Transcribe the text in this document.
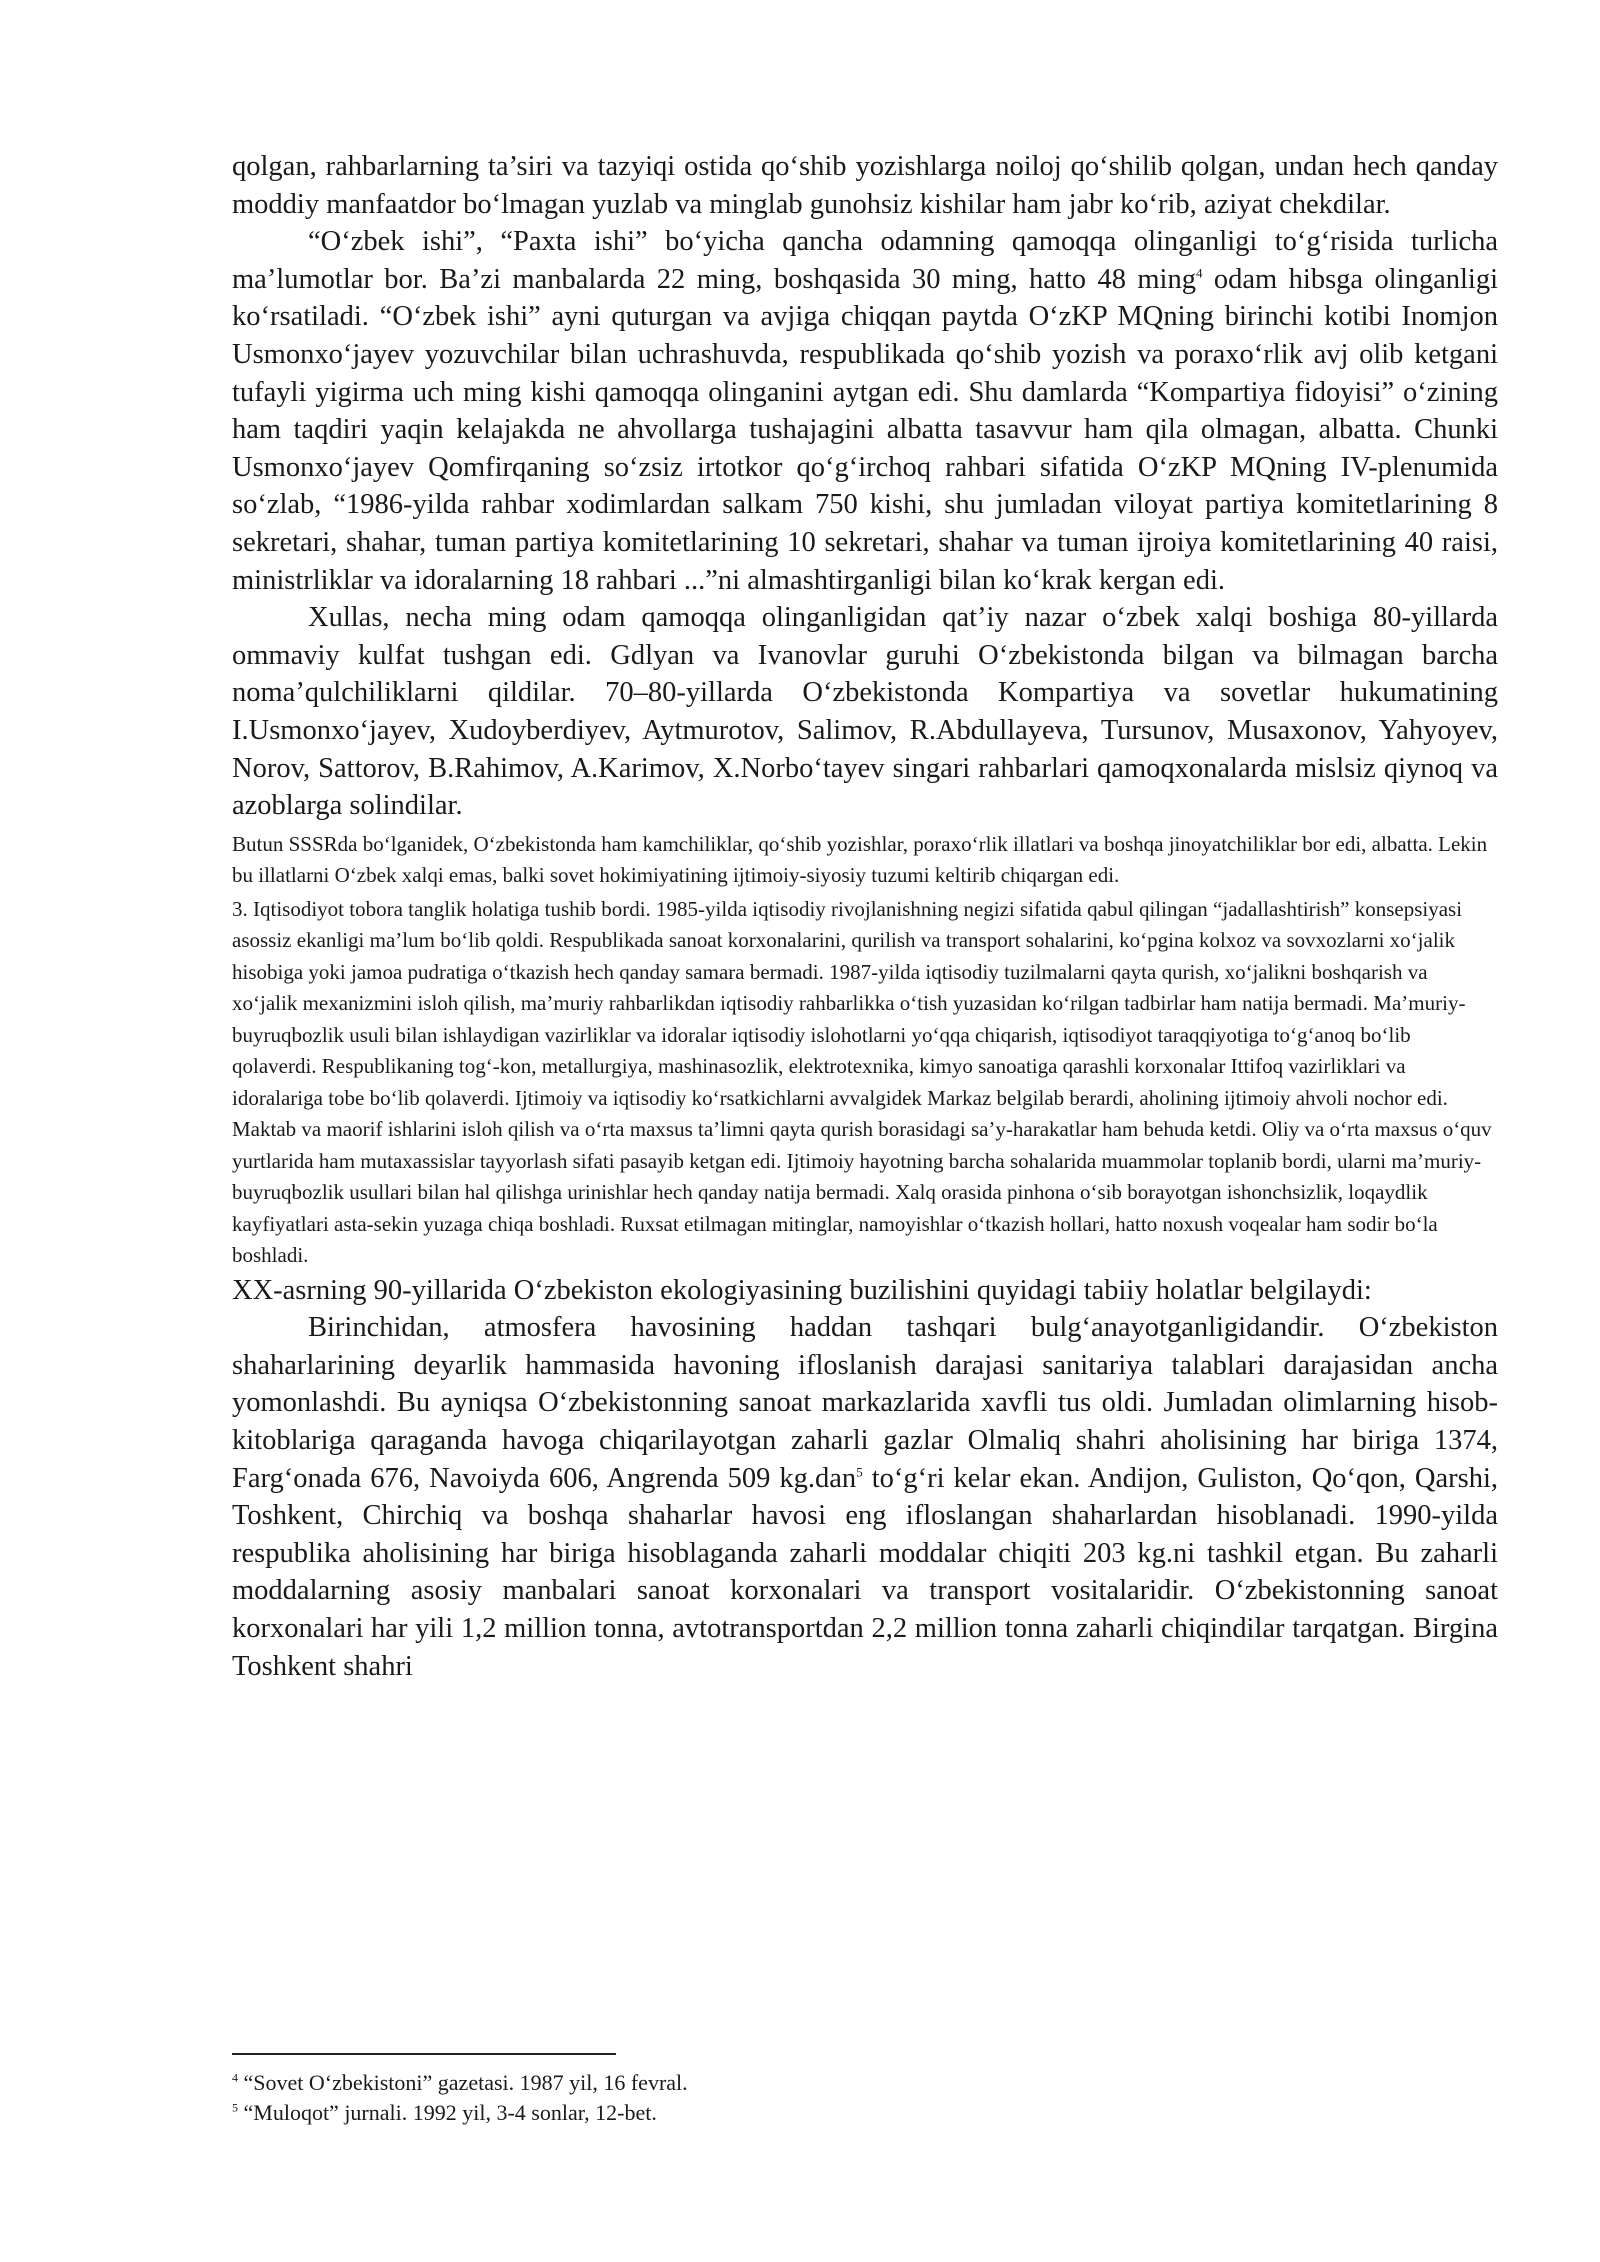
qolgan, rahbarlarning ta’siri va tazyiqi ostida qo‘shib yozishlarga noiloj qo‘shilib qolgan, undan hech qanday moddiy manfaatdor bo‘lmagan yuzlab va minglab gunohsiz kishilar ham jabr ko‘rib, aziyat chekdilar.

“O‘zbek ishi”, “Paxta ishi” bo‘yicha qancha odamning qamoqqa olinganligi to‘g‘risida turlicha ma’lumotlar bor. Ba’zi manbalarda 22 ming, boshqasida 30 ming, hatto 48 ming$^4$ odam hibsga olinganligi ko‘rsatiladi. “O‘zbek ishi” ayni quturgan va avjiga chiqqan paytda O‘zKP MQning birinchi kotibi Inomjon Usmonxo‘jayev yozuvchilar bilan uchrashuvda, respublikada qo‘shib yozish va poraxo‘rlik avj olib ketgani tufayli yigirma uch ming kishi qamoqqa olinganini aytgan edi. Shu damlarda “Kompartiya fidoyisi” o‘zining ham taqdiri yaqin kelajakda ne ahvollarga tushajagini albatta tasavvur ham qila olmagan, albatta. Chunki Usmonxo‘jayev Qomfirqaning so‘zsiz irtotkor qo‘g‘irchoq rahbari sifatida O‘zKP MQning IV-plenumida so‘zlab, “1986-yilda rahbar xodimlardan salkam 750 kishi, shu jumladan viloyat partiya komitetlarining 8 sekretari, shahar, tuman partiya komitetlarining 10 sekretari, shahar va tuman ijroiya komitetlarining 40 raisi, ministrliklar va idoralarning 18 rahbari ...”ni almashtirganligi bilan ko‘krak kergan edi.

Xullas, necha ming odam qamoqqa olinganligidan qat’iy nazar o‘zbek xalqi boshiga 80-yillarda ommaviy kulfat tushgan edi. Gdlyan va Ivanovlar guruhi O‘zbekistonda bilgan va bilmagan barcha noma’qulchiliklarni qildilar. 70–80-yillarda O‘zbekistonda Kompartiya va sovetlar hukumatining I.Usmonxo‘jayev, Xudoyberdiyev, Aytmurotov, Salimov, R.Abdullayeva, Tursunov, Musaxonov, Yahyoyev, Norov, Sattorov, B.Rahimov, A.Karimov, X.Norbo‘tayev singari rahbarlari qamoqxonalarda mislsiz qiynoq va azoblarga solindilar.

Butun SSSRda bo‘lganidek, O‘zbekistonda ham kamchiliklar, qo‘shib yozishlar, poraxo‘rlik illatlari va boshqa jinoyatchiliklar bor edi, albatta. Lekin bu illatlarni O‘zbek xalqi emas, balki sovet hokimiyatining ijtimoiy-siyosiy tuzumi keltirib chiqargan edi.

3. Iqtisodiyot tobora tanglik holatiga tushib bordi. 1985-yilda iqtisodiy rivojlanishning negizi sifatida qabul qilingan “jadallashtirish” konsepsiyasi asossiz ekanligi ma’lum bo‘lib qoldi. Respublikada sanoat korxonalarini, qurilish va transport sohalarini, ko‘pgina kolxoz va sovxozlarni xo‘jalik hisobiga yoki jamoa pudratiga o‘tkazish hech qanday samara bermadi. 1987-yilda iqtisodiy tuzilmalarni qayta qurish, xo‘jalikni boshqarish va xo‘jalik mexanizmini isloh qilish, ma’muriy rahbarlikdan iqtisodiy rahbarlikka o‘tish yuzasidan ko‘rilgan tadbirlar ham natija bermadi. Ma’muriy-buyruqbozlik usuli bilan ishlaydigan vazirliklar va idoralar iqtisodiy islohotlarni yo‘qqa chiqarish, iqtisodiyot taraqqiyotiga to‘g‘anoq bo‘lib qolaverdi. Respublikaning tog‘-kon, metallurgiya, mashinasozlik, elektrotexnika, kimyo sanoatiga qarashli korxonalar Ittifoq vazirliklari va idoralariga tobe bo‘lib qolaverdi. Ijtimoiy va iqtisodiy ko‘rsatkichlarni avvalgidek Markaz belgilab berardi, aholining ijtimoiy ahvoli nochor edi. Maktab va maorif ishlarini isloh qilish va o‘rta maxsus ta’limni qayta qurish borasidagi sa’y-harakatlar ham behuda ketdi. Oliy va o‘rta maxsus o‘quv yurtlarida ham mutaxassislar tayyorlash sifati pasayib ketgan edi. Ijtimoiy hayotning barcha sohalarida muammolar toplanib bordi, ularni ma’muriy-buyruqbozlik usullari bilan hal qilishga urinishlar hech qanday natija bermadi. Xalq orasida pinhona o‘sib borayotgan ishonchsizlik, loqaydlik kayfiyatlari asta-sekin yuzaga chiqa boshladi. Ruxsat etilmagan mitinglar, namoyishlar o‘tkazish hollari, hatto noxush voqealar ham sodir bo‘la boshladi.

XX-asrning 90-yillarida O‘zbekiston ekologiyasining buzilishini quyidagi tabiiy holatlar belgilaydi:

Birinchidan, atmosfera havosining haddan tashqari bulg‘anayotganligidandir. O‘zbekiston shaharlarining deyarlik hammasida havoning ifloslanish darajasi sanitariya talablari darajasidan ancha yomonlashdi. Bu ayniqsa O‘zbekistonning sanoat markazlarida xavfli tus oldi. Jumladan olimlarning hisob-kitoblariga qaraganda havoga chiqarilayotgan zaharli gazlar Olmaliq shahri aholisining har biriga 1374, Farg‘onada 676, Navoiyda 606, Angrenda 509 kg.dan$^5$ to‘g‘ri kelar ekan. Andijon, Guliston, Qo‘qon, Qarshi, Toshkent, Chirchiq va boshqa shaharlar havosi eng ifloslangan shaharlardan hisoblanadi. 1990-yilda respublika aholisining har biriga hisoblaganda zaharli moddalar chiqiti 203 kg.ni tashkil etgan. Bu zaharli moddalarning asosiy manbalari sanoat korxonalari va transport vositalaridir. O‘zbekistonning sanoat korxonalari har yili 1,2 million tonna, avtotransportdan 2,2 million tonna zaharli chiqindilar tarqatgan. Birgina Toshkent shahri

$^4$ “Sovet O‘zbekistoni” gazetasi. 1987 yil, 16 fevral.

$^5$ “Muloqot” jurnali. 1992 yil, 3-4 sonlar, 12-bet.
